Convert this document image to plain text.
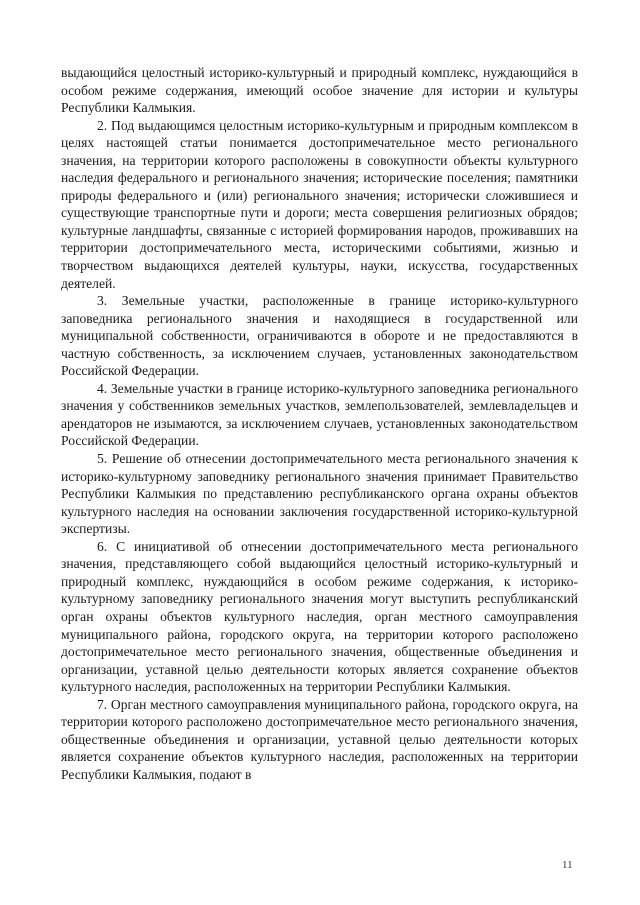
выдающийся целостный историко-культурный и природный комплекс, нуждающийся в особом режиме содержания, имеющий особое значение для истории и культуры Республики Калмыкия.

2. Под выдающимся целостным историко-культурным и природным комплексом в целях настоящей статьи понимается достопримечательное место регионального значения, на территории которого расположены в совокупности объекты культурного наследия федерального и регионального значения; исторические поселения; памятники природы федерального и (или) регионального значения; исторически сложившиеся и существующие транспортные пути и дороги; места совершения религиозных обрядов; культурные ландшафты, связанные с историей формирования народов, проживавших на территории достопримечательного места, историческими событиями, жизнью и творчеством выдающихся деятелей культуры, науки, искусства, государственных деятелей.

3. Земельные участки, расположенные в границе историко-культурного заповедника регионального значения и находящиеся в государственной или муниципальной собственности, ограничиваются в обороте и не предоставляются в частную собственность, за исключением случаев, установленных законодательством Российской Федерации.

4. Земельные участки в границе историко-культурного заповедника регионального значения у собственников земельных участков, землепользователей, землевладельцев и арендаторов не изымаются, за исключением случаев, установленных законодательством Российской Федерации.

5. Решение об отнесении достопримечательного места регионального значения к историко-культурному заповеднику регионального значения принимает Правительство Республики Калмыкия по представлению республиканского органа охраны объектов культурного наследия на основании заключения государственной историко-культурной экспертизы.

6. С инициативой об отнесении достопримечательного места регионального значения, представляющего собой выдающийся целостный историко-культурный и природный комплекс, нуждающийся в особом режиме содержания, к историко-культурному заповеднику регионального значения могут выступить республиканский орган охраны объектов культурного наследия, орган местного самоуправления муниципального района, городского округа, на территории которого расположено достопримечательное место регионального значения, общественные объединения и организации, уставной целью деятельности которых является сохранение объектов культурного наследия, расположенных на территории Республики Калмыкия.

7. Орган местного самоуправления муниципального района, городского округа, на территории которого расположено достопримечательное место регионального значения, общественные объединения и организации, уставной целью деятельности которых является сохранение объектов культурного наследия, расположенных на территории Республики Калмыкия, подают в

11
